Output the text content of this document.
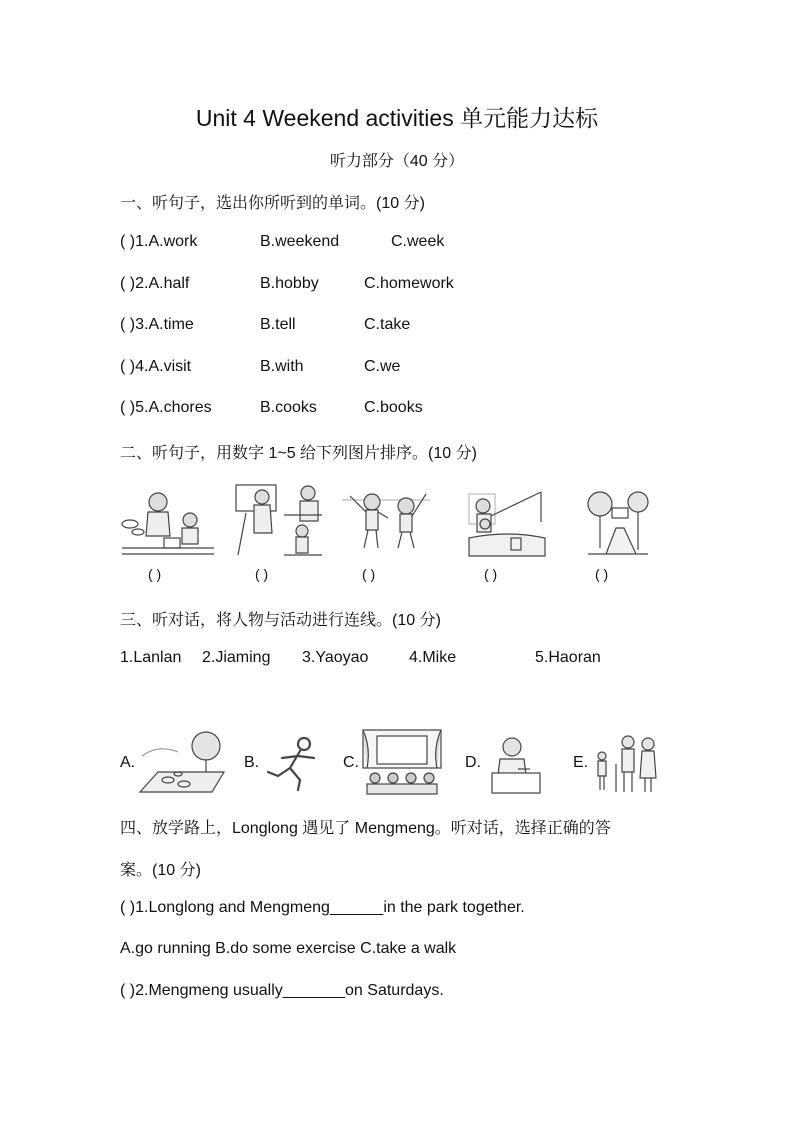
Unit 4 Weekend activities 单元能力达标
听力部分（40 分）
一、听句子，选出你所听到的单词。(10 分)
( )1.A.work	B.weekend	C.week
( )2.A.half	B.hobby	C.homework
( )3.A.time	B.tell	C.take
( )4.A.visit	B.with	C.we
( )5.A.chores	B.cooks	C.books
二、听句子，用数字 1~5 给下列图片排序。(10 分)
( )	( )	( )	( )	( )
三、听对话，将人物与活动进行连线。(10 分)
1.Lanlan 2.Jiaming 3.Yaoyao	4.Mike	5.Haoran
A.	B.	C.	D.	E.
四、放学路上，Longlong 遇见了 Mengmeng。听对话，选择正确的答
案。(10 分)
( )1.Longlong and Mengmeng______in the park together.
A.go running B.do some exercise C.take a walk
( )2.Mengmeng usually_______on Saturdays.
